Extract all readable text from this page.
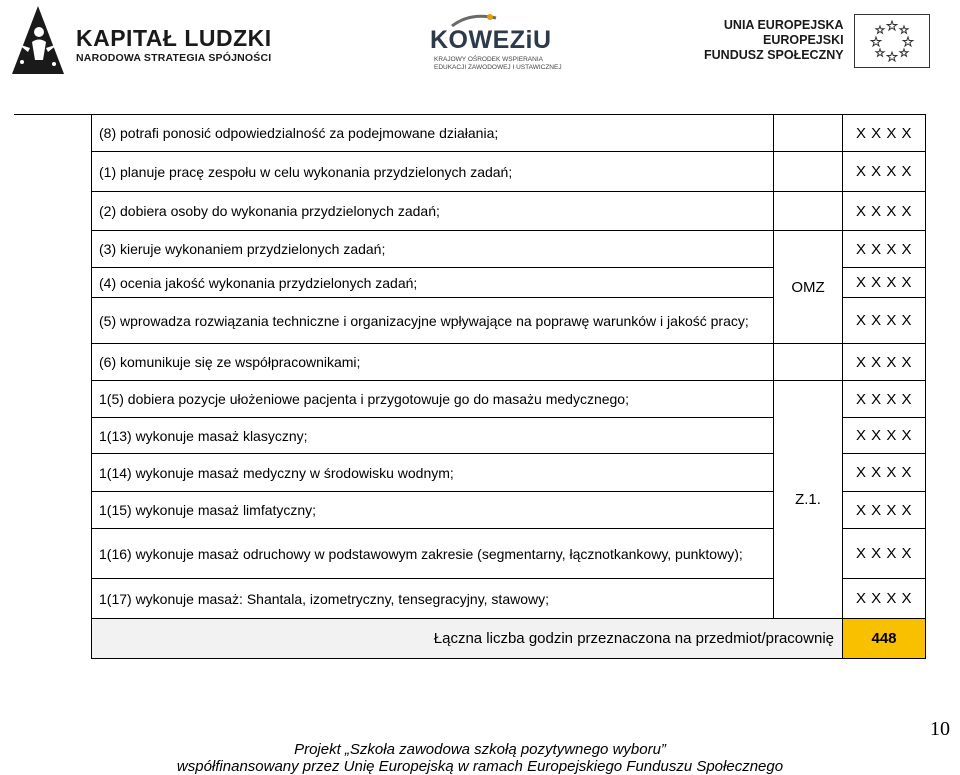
KAPITAŁ LUDZKI
NARODOWA STRATEGIA SPÓJNOŚCI
KOWEZiU
KRAJOWY OŚRODEK WSPIERANIA EDUKACJI ZAWODOWEJ I USTAWICZNEJ
UNIA EUROPEJSKA
EUROPEJSKI
FUNDUSZ SPOŁECZNY
(8) potrafi ponosić odpowiedzialność za podejmowane działania;		X X X X
(1) planuje pracę zespołu w celu wykonania przydzielonych zadań;		X X X X
(2) dobiera osoby do wykonania przydzielonych zadań;		X X X X
(3) kieruje wykonaniem przydzielonych zadań;	OMZ	X X X X
(4) ocenia jakość wykonania przydzielonych zadań;		X X X X
(5) wprowadza rozwiązania techniczne i organizacyjne wpływające na poprawę warunków i jakość pracy;		X X X X
(6) komunikuje się ze współpracownikami;		X X X X
1(5) dobiera pozycje ułożeniowe pacjenta i przygotowuje go do masażu medycznego;	Z.1.	X X X X
1(13) wykonuje masaż klasyczny;		X X X X
1(14) wykonuje masaż medyczny w środowisku wodnym;		X X X X
1(15) wykonuje masaż limfatyczny;		X X X X
1(16) wykonuje masaż odruchowy w podstawowym zakresie (segmentarny, łącznotkankowy, punktowy);		X X X X
1(17) wykonuje masaż: Shantala, izometryczny, tensegracyjny, stawowy;		X X X X
Łączna liczba godzin przeznaczona na przedmiot/pracownię		448
10
Projekt „Szkoła zawodowa szkołą pozytywnego wyboru”
współfinansowany przez Unię Europejską w ramach Europejskiego Funduszu Społecznego
